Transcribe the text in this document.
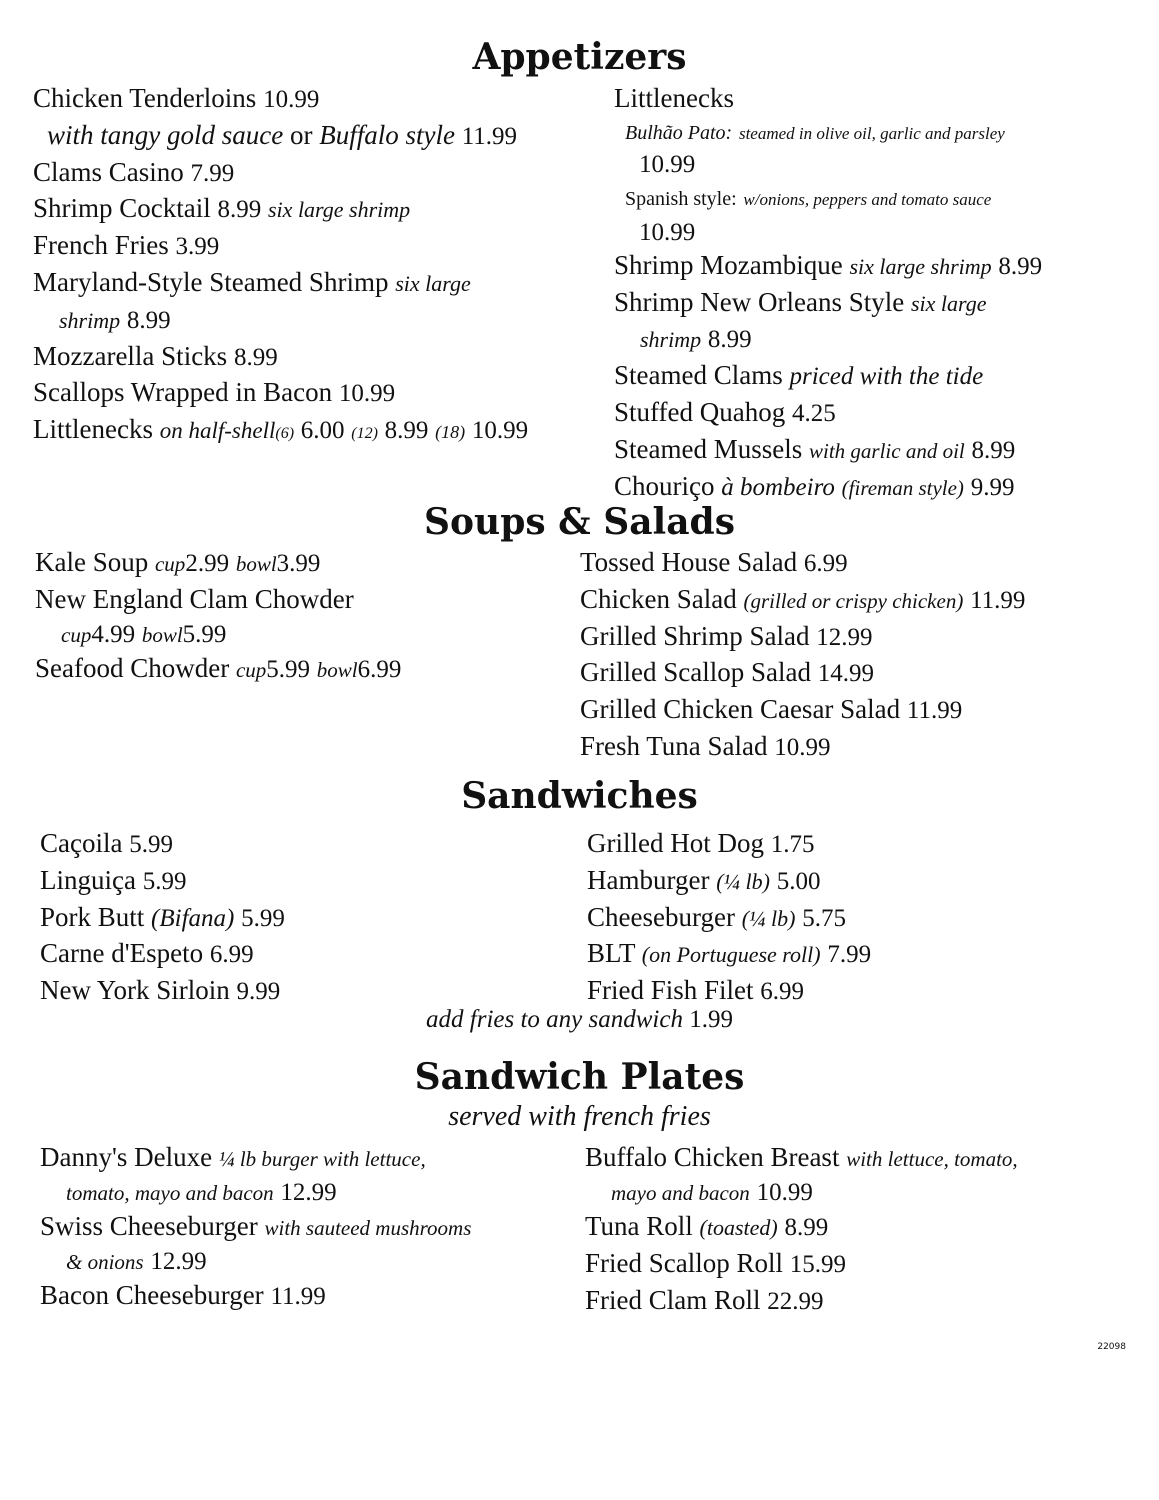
Appetizers
Chicken Tenderloins 10.99
with tangy gold sauce or Buffalo style 11.99
Clams Casino 7.99
Shrimp Cocktail 8.99 six large shrimp
French Fries 3.99
Maryland-Style Steamed Shrimp six large
shrimp 8.99
Mozzarella Sticks 8.99
Scallops Wrapped in Bacon 10.99
Littlenecks on half-shell(6) 6.00 (12) 8.99 (18) 10.99
Littlenecks
Bulhão Pato: steamed in olive oil, garlic and parsley
10.99
Spanish style: w/onions, peppers and tomato sauce
10.99
Shrimp Mozambique six large shrimp 8.99
Shrimp New Orleans Style six large
shrimp 8.99
Steamed Clams priced with the tide
Stuffed Quahog 4.25
Steamed Mussels with garlic and oil 8.99
Chouriço à bombeiro (fireman style) 9.99
Soups & Salads
Kale Soup cup2.99 bowl3.99
New England Clam Chowder
cup4.99 bowl5.99
Seafood Chowder cup5.99 bowl6.99
Tossed House Salad 6.99
Chicken Salad (grilled or crispy chicken) 11.99
Grilled Shrimp Salad 12.99
Grilled Scallop Salad 14.99
Grilled Chicken Caesar Salad 11.99
Fresh Tuna Salad 10.99
Sandwiches
Caçoila 5.99
Linguiça 5.99
Pork Butt (Bifana) 5.99
Carne d'Espeto 6.99
New York Sirloin 9.99
Grilled Hot Dog 1.75
Hamburger (¼ lb) 5.00
Cheeseburger (¼ lb) 5.75
BLT (on Portuguese roll) 7.99
Fried Fish Filet 6.99
add fries to any sandwich 1.99
Sandwich Plates
served with french fries
Danny's Deluxe ¼ lb burger with lettuce,
tomato, mayo and bacon 12.99
Swiss Cheeseburger with sauteed mushrooms
& onions 12.99
Bacon Cheeseburger 11.99
Buffalo Chicken Breast with lettuce, tomato,
mayo and bacon 10.99
Tuna Roll (toasted) 8.99
Fried Scallop Roll 15.99
Fried Clam Roll 22.99
22098
